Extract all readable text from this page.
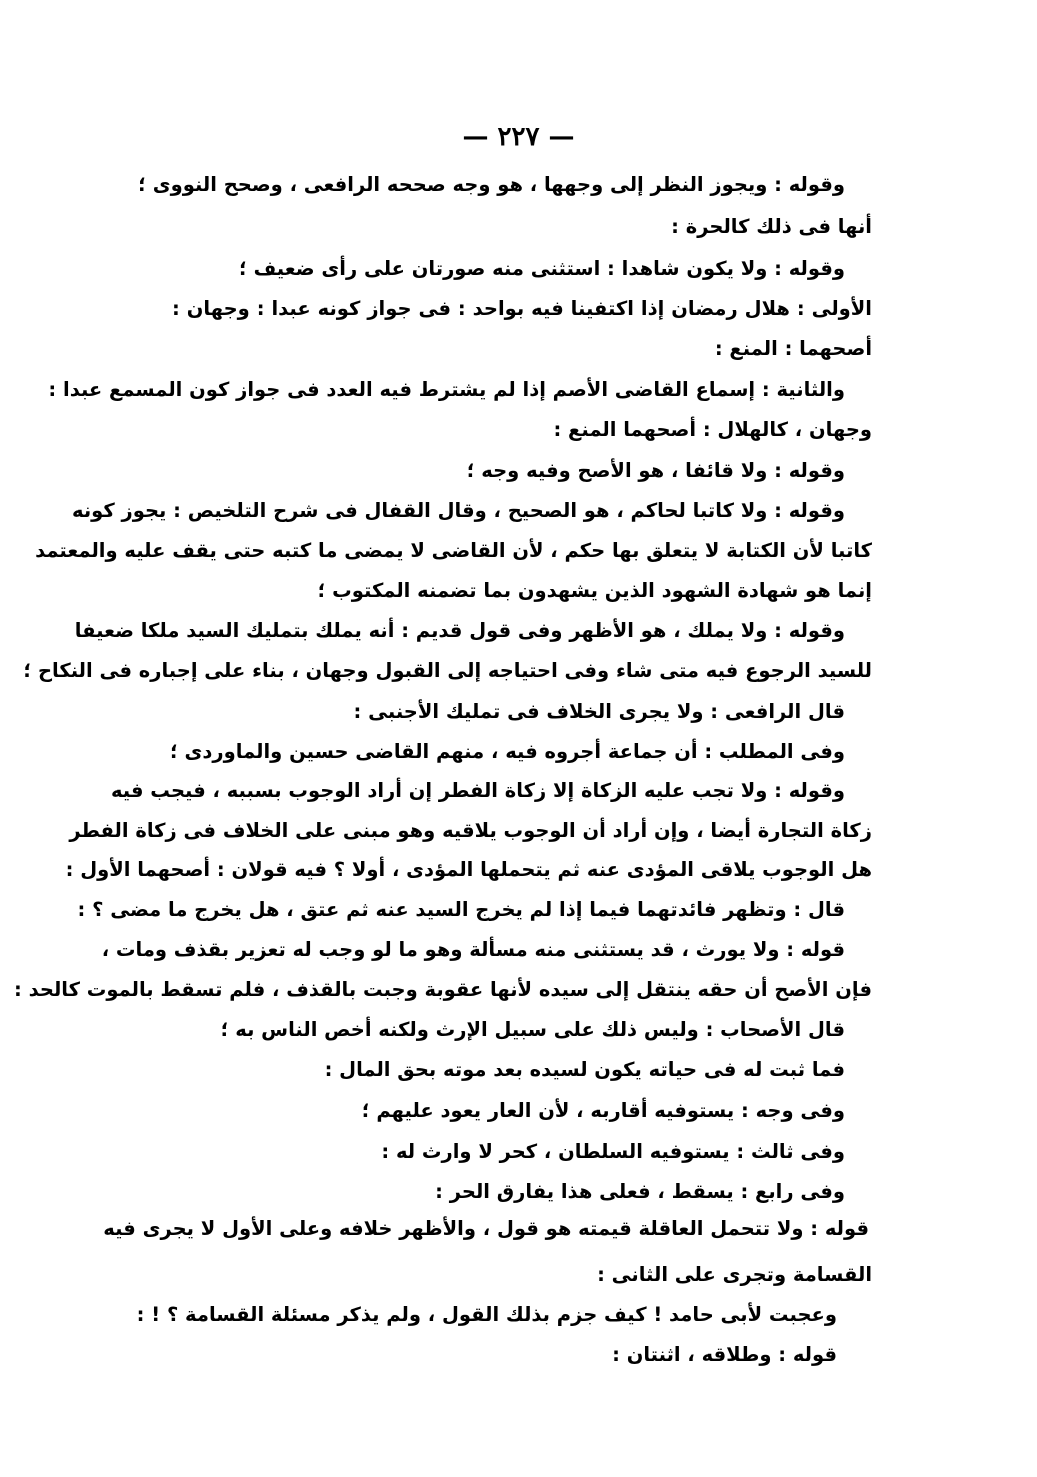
— ٢٢٧ —
وقوله : ويجوز النظر إلى وجهها ، هو وجه صححه الرافعى ، وصحح النووى ؛
أنها فى ذلك كالحرة :
وقوله : ولا يكون شاهدا : استثنى منه صورتان على رأى ضعيف ؛
الأولى : هلال رمضان إذا اكتفينا فيه بواحد : فى جواز كونه عبدا : وجهان :
أصحهما : المنع :
والثانية : إسماع القاضى الأصم إذا لم يشترط فيه العدد فى جواز كون المسمع عبدا :
وجهان ، كالهلال : أصحهما المنع :
وقوله : ولا قائفا ، هو الأصح وفيه وجه ؛
وقوله : ولا كاتبا لحاكم ، هو الصحيح ، وقال القفال فى شرح التلخيص : يجوز كونه
كاتبا لأن الكتابة لا يتعلق بها حكم ، لأن القاضى لا يمضى ما كتبه حتى يقف عليه والمعتمد
إنما هو شهادة الشهود الذين يشهدون بما تضمنه المكتوب ؛
وقوله : ولا يملك ، هو الأظهر وفى قول قديم : أنه يملك بتمليك السيد ملكا ضعيفا
للسيد الرجوع فيه متى شاء وفى احتياجه إلى القبول وجهان ، بناء على إجباره فى النكاح ؛
قال الرافعى : ولا يجرى الخلاف فى تمليك الأجنبى :
وفى المطلب : أن جماعة أجروه فيه ، منهم القاضى حسين والماوردى ؛
وقوله : ولا تجب عليه الزكاة إلا زكاة الفطر إن أراد الوجوب بسببه ، فيجب فيه
زكاة التجارة أيضا ، وإن أراد أن الوجوب يلاقيه وهو مبنى على الخلاف فى زكاة الفطر
هل الوجوب يلاقى المؤدى عنه ثم يتحملها المؤدى ، أولا ؟ فيه قولان : أصحهما الأول :
قال : وتظهر فائدتهما فيما إذا لم يخرج السيد عنه ثم عتق ، هل يخرج ما مضى ؟ :
قوله : ولا يورث ، قد يستثنى منه مسألة وهو ما لو وجب له تعزير بقذف ومات ،
فإن الأصح أن حقه ينتقل إلى سيده لأنها عقوبة وجبت بالقذف ، فلم تسقط بالموت كالحد :
قال الأصحاب : وليس ذلك على سبيل الإرث ولكنه أخص الناس به ؛
فما ثبت له فى حياته يكون لسيده بعد موته بحق المال :
وفى وجه : يستوفيه أقاربه ، لأن العار يعود عليهم ؛
وفى ثالث : يستوفيه السلطان ، كحر لا وارث له :
وفى رابع : يسقط ، فعلى هذا يفارق الحر :
قوله : ولا تتحمل العاقلة قيمته هو قول ، والأظهر خلافه وعلى الأول لا يجرى فيه
القسامة وتجرى على الثانى :
وعجبت لأبى حامد ! كيف جزم بذلك القول ، ولم يذكر مسئلة القسامة ؟ ! :
قوله : وطلاقه ، اثنتان :
